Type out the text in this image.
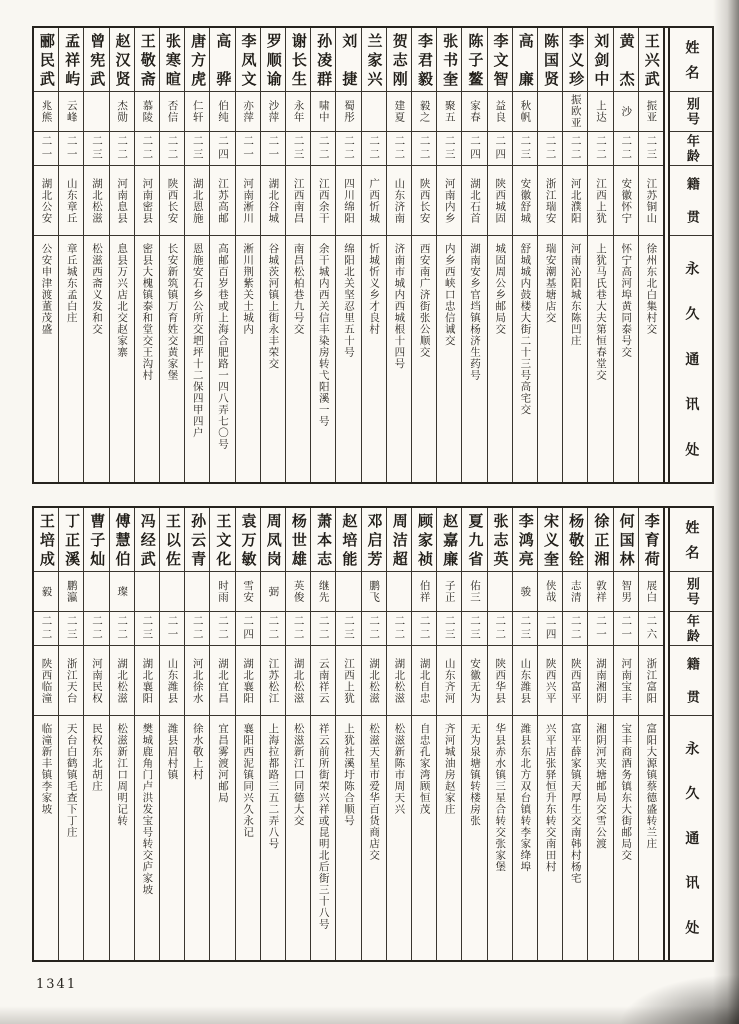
王兴武
振亚
二三
江苏铜山
徐州东北白集村交
黄杰
沙
二二
安徽怀宁
怀宁高河埠黄同泰号交
刘剑中
上达
二二
江西上犹
上犹马氏巷大夫第恒春堂交
李义珍
振欧亚
二二
河北濮阳
河南沁阳城东陈凹庄
陈国贤
二二
浙江瑞安
瑞安潮基塘店交
高廉
秋帆
二三
安徽舒城
舒城城内鼓楼大街二十三号高宅交
李文智
益良
二四
陕西城固
城固周公乡邮局交
陈子鳌
家春
二四
湖北石首
湖南安乡官垱镇杨济生药号
张书奎
聚五
二三
河南内乡
内乡西峡口忠信诚交
李君毅
毅之
二二
陕西长安
西安南广济街张公顺交
贺志刚
建夏
二二
山东济南
济南市城内西城根十四号
兰家兴
二二
广西忻城
忻城忻义乡才良村
刘捷
蜀彤
二二
四川绵阳
绵阳北关坚忍里五十号
孙凌群
啸中
二二
江西余干
余干城内西关信丰染房转弋阳溪一号
谢长生
永年
二三
江西南昌
南昌松柏巷九号交
罗顺谕
沙萍
二一
湖北谷城
谷城茨河镇上街永丰荣交
李凤文
亦萍
二一
河南淅川
淅川荆紫关土城内
高骅
伯纯
二四
江苏高邮
高邮百岁巷或上海合肥路一四八弄七〇号
唐方虎
仁轩
二三
湖北恩施
恩施安石乡公所交垇坪十二保四甲四户
张寒暄
否信
二二
陕西长安
长安新筑镇万育姓交黄家堡
王敬斋
慕陵
二二
河南密县
密县大槐镇泰和堂交王沟村
赵汉贤
杰勋
二二
河南息县
息县万兴店北交赵家寨
曾宪武
二三
湖北松滋
松滋西斋义发和交
孟祥屿
云峰
二一
山东章丘
章丘城东孟白庄
郦民武
兆熊
二一
湖北公安
公安申津渡董茂盛
姓名
别号
年龄
籍贯
永久通讯处
李育荷
展白
二六
浙江富阳
富阳大源镇蔡德盛转兰庄
何国林
智男
二一
河南宝丰
宝丰商酒务镇东大街邮局交
徐正湘
敦祥
二一
湖南湘阴
湘阴河夹塘邮局交雪公渡
杨敬铨
志清
二二
陕西富平
富平薛家镇天厚生交南韩村杨宅
宋义奎
侠哉
二四
陕西兴平
兴平店张驿恒升东转交南田村
李鸿亮
骏
二三
山东潍县
潍县东北方双台镇转李家绛埠
张志英
二二
陕西华县
华县赤水镇三星合转交张家堡
夏九省
佑三
二三
安徽无为
无为泉塘镇转楼房张
赵嘉廉
子正
二三
山东齐河
齐河城油房赵家庄
顾家祯
伯祥
二二
湖北自忠
自忠孔家湾顾恒茂
周洁超
二二
湖北松滋
松滋新陈市周天兴
邓启芳
鹏飞
二二
湖北松滋
松滋天星市爱华百货商店交
赵培能
二三
江西上犹
上犹社溪圩陈合顺号
萧本志
继先
二二
云南祥云
祥云前所街荣兴祥或昆明北后街三十八号
杨世雄
英俊
二二
湖北松滋
松滋新江口同德大交
周凤岗
弼
二二
江苏松江
上海拉都路三五二弄八号
袁万敏
雪安
二四
湖北襄阳
襄阳西泥镇同兴久永记
王文化
时雨
二二
湖北宜昌
宜昌雾渡河邮局
孙云青
二二
河北徐水
徐水敬上村
王以佐
二一
山东潍县
潍县眉村镇
冯经武
二三
湖北襄阳
樊城鹿角门卢洪发宝号转交庐家坡
傅慧伯
璨
二二
湖北松滋
松滋新江口周明记转
曹子灿
二二
河南民权
民权东北胡庄
丁正溪
鹏瀛
二三
浙江天台
天台白鹤镇毛查下丁庄
王培成
毅
二二
陕西临潼
临潼新丰镇李家坡
姓名
别号
年龄
籍贯
永久通讯处
1341
